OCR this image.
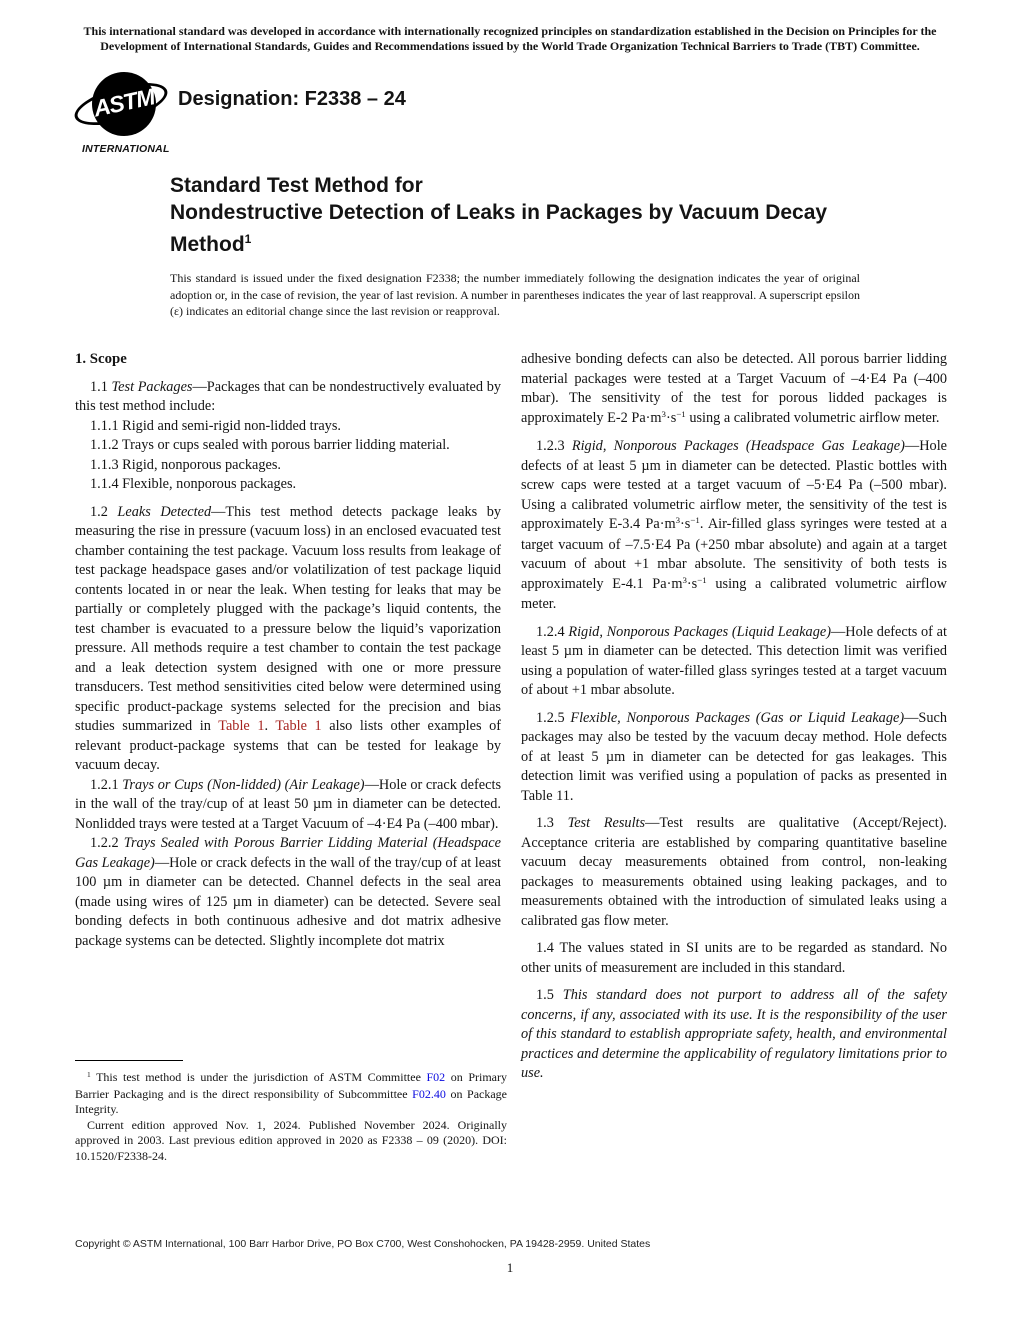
This international standard was developed in accordance with internationally recognized principles on standardization established in the Decision on Principles for the Development of International Standards, Guides and Recommendations issued by the World Trade Organization Technical Barriers to Trade (TBT) Committee.
ASTM
INTERNATIONAL
Designation: F2338 – 24
Standard Test Method for
Nondestructive Detection of Leaks in Packages by Vacuum Decay Method$^1$
This standard is issued under the fixed designation F2338; the number immediately following the designation indicates the year of original adoption or, in the case of revision, the year of last revision. A number in parentheses indicates the year of last reapproval. A superscript epsilon (ε) indicates an editorial change since the last revision or reapproval.
1. Scope

1.1 Test Packages—Packages that can be nondestructively evaluated by this test method include:

1.1.1 Rigid and semi-rigid non-lidded trays.

1.1.2 Trays or cups sealed with porous barrier lidding material.

1.1.3 Rigid, nonporous packages.

1.1.4 Flexible, nonporous packages.

1.2 Leaks Detected—This test method detects package leaks by measuring the rise in pressure (vacuum loss) in an enclosed evacuated test chamber containing the test package. Vacuum loss results from leakage of test package headspace gases and/or volatilization of test package liquid contents located in or near the leak. When testing for leaks that may be partially or completely plugged with the package’s liquid contents, the test chamber is evacuated to a pressure below the liquid’s vaporization pressure. All methods require a test chamber to contain the test package and a leak detection system designed with one or more pressure transducers. Test method sensitivities cited below were determined using specific product-package systems selected for the precision and bias studies summarized in Table 1. Table 1 also lists other examples of relevant product-package systems that can be tested for leakage by vacuum decay.

1.2.1 Trays or Cups (Non-lidded) (Air Leakage)—Hole or crack defects in the wall of the tray/cup of at least 50 µm in diameter can be detected. Nonlidded trays were tested at a Target Vacuum of –4·E4 Pa (–400 mbar).

1.2.2 Trays Sealed with Porous Barrier Lidding Material (Headspace Gas Leakage)—Hole or crack defects in the wall of the tray/cup of at least 100 µm in diameter can be detected. Channel defects in the seal area (made using wires of 125 µm in diameter) can be detected. Severe seal bonding defects in both continuous adhesive and dot matrix adhesive package systems can be detected. Slightly incomplete dot matrix

adhesive bonding defects can also be detected. All porous barrier lidding material packages were tested at a Target Vacuum of –4·E4 Pa (–400 mbar). The sensitivity of the test for porous lidded packages is approximately E-2 $Pa\cdot m^3\cdot s^{-1}$ using a calibrated volumetric airflow meter.

1.2.3 Rigid, Nonporous Packages (Headspace Gas Leakage)—Hole defects of at least 5 µm in diameter can be detected. Plastic bottles with screw caps were tested at a target vacuum of –5·E4 Pa (–500 mbar). Using a calibrated volumetric airflow meter, the sensitivity of the test is approximately E-3.4 $Pa\cdot m^3\cdot s^{-1}$. Air-filled glass syringes were tested at a target vacuum of –7.5·E4 Pa (+250 mbar absolute) and again at a target vacuum of about +1 mbar absolute. The sensitivity of both tests is approximately E-4.1 $Pa\cdot m^3\cdot s^{-1}$ using a calibrated volumetric airflow meter.

1.2.4 Rigid, Nonporous Packages (Liquid Leakage)—Hole defects of at least 5 µm in diameter can be detected. This detection limit was verified using a population of water-filled glass syringes tested at a target vacuum of about +1 mbar absolute.

1.2.5 Flexible, Nonporous Packages (Gas or Liquid Leakage)—Such packages may also be tested by the vacuum decay method. Hole defects of at least 5 µm in diameter can be detected for gas leakages. This detection limit was verified using a population of packs as presented in Table 11.

1.3 Test Results—Test results are qualitative (Accept/Reject). Acceptance criteria are established by comparing quantitative baseline vacuum decay measurements obtained from control, non-leaking packages to measurements obtained using leaking packages, and to measurements obtained with the introduction of simulated leaks using a calibrated gas flow meter.

1.4 The values stated in SI units are to be regarded as standard. No other units of measurement are included in this standard.

1.5 This standard does not purport to address all of the safety concerns, if any, associated with its use. It is the responsibility of the user of this standard to establish appropriate safety, health, and environmental practices and determine the applicability of regulatory limitations prior to use.

$^1$ This test method is under the jurisdiction of ASTM Committee F02 on Primary Barrier Packaging and is the direct responsibility of Subcommittee F02.40 on Package Integrity.

Current edition approved Nov. 1, 2024. Published November 2024. Originally approved in 2003. Last previous edition approved in 2020 as F2338 – 09 (2020). DOI: 10.1520/F2338-24.

Copyright © ASTM International, 100 Barr Harbor Drive, PO Box C700, West Conshohocken, PA 19428-2959. United States
1
